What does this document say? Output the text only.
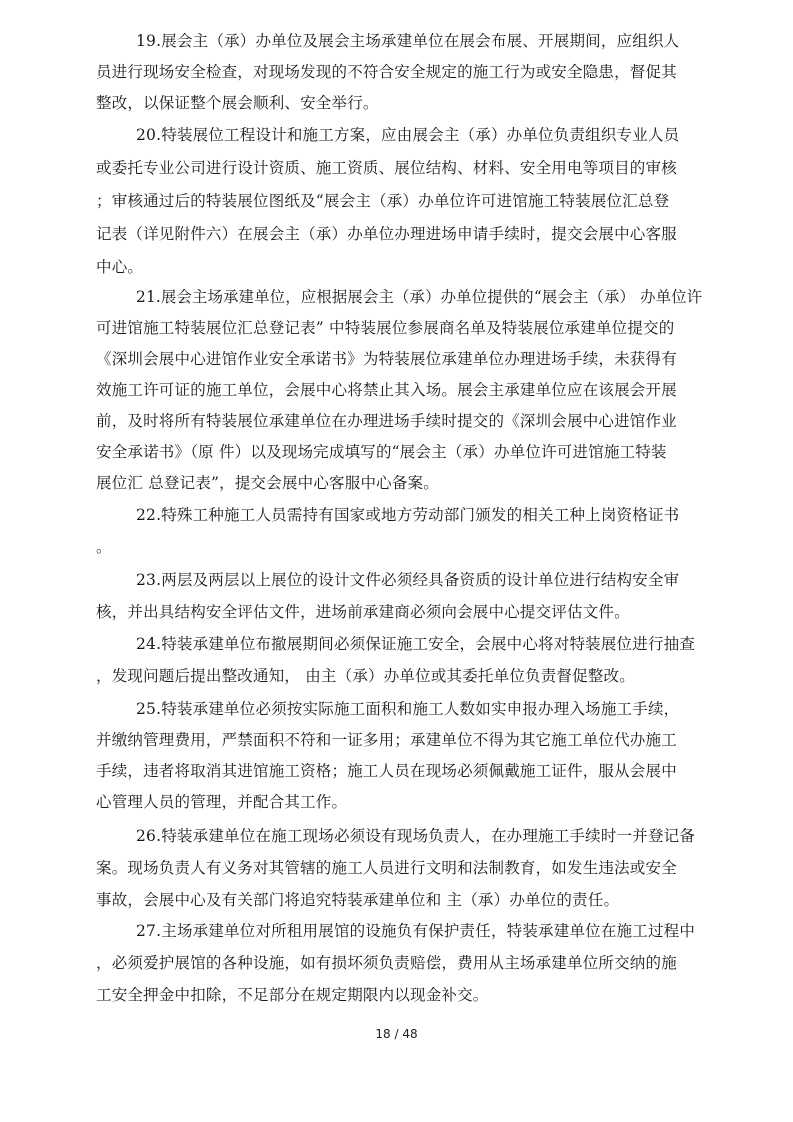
19.展会主（承）办单位及展会主场承建单位在展会布展、开展期间，应组织人
员进行现场安全检查，对现场发现的不符合安全规定的施工行为或安全隐患，督促其
整改，以保证整个展会顺利、安全举行。
20.特装展位工程设计和施工方案，应由展会主（承）办单位负责组织专业人员
或委托专业公司进行设计资质、施工资质、展位结构、材料、安全用电等项目的审核
；审核通过后的特装展位图纸及“展会主（承）办单位许可进馆施工特装展位汇总登
记表（详见附件六）在展会主（承）办单位办理进场申请手续时，提交会展中心客服
中心。
21.展会主场承建单位，应根据展会主（承）办单位提供的“展会主（承） 办单位许
可进馆施工特装展位汇总登记表” 中特装展位参展商名单及特装展位承建单位提交的
《深圳会展中心进馆作业安全承诺书》为特装展位承建单位办理进场手续，未获得有
效施工许可证的施工单位，会展中心将禁止其入场。展会主承建单位应在该展会开展
前，及时将所有特装展位承建单位在办理进场手续时提交的《深圳会展中心进馆作业
安全承诺书》（原 件）以及现场完成填写的“展会主（承）办单位许可进馆施工特装
展位汇 总登记表”，提交会展中心客服中心备案。
22.特殊工种施工人员需持有国家或地方劳动部门颁发的相关工种上岗资格证书
。
23.两层及两层以上展位的设计文件必须经具备资质的设计单位进行结构安全审
核，并出具结构安全评估文件，进场前承建商必须向会展中心提交评估文件。
24.特装承建单位布撤展期间必须保证施工安全，会展中心将对特装展位进行抽查
，发现问题后提出整改通知， 由主（承）办单位或其委托单位负责督促整改。
25.特装承建单位必须按实际施工面积和施工人数如实申报办理入场施工手续，
并缴纳管理费用，严禁面积不符和一证多用；承建单位不得为其它施工单位代办施工
手续，违者将取消其进馆施工资格；施工人员在现场必须佩戴施工证件，服从会展中
心管理人员的管理，并配合其工作。
26.特装承建单位在施工现场必须设有现场负责人，在办理施工手续时一并登记备
案。现场负责人有义务对其管辖的施工人员进行文明和法制教育，如发生违法或安全
事故，会展中心及有关部门将追究特装承建单位和 主（承）办单位的责任。
27.主场承建单位对所租用展馆的设施负有保护责任，特装承建单位在施工过程中
，必须爱护展馆的各种设施，如有损坏须负责赔偿，费用从主场承建单位所交纳的施
工安全押金中扣除，不足部分在规定期限内以现金补交。
18 / 48
